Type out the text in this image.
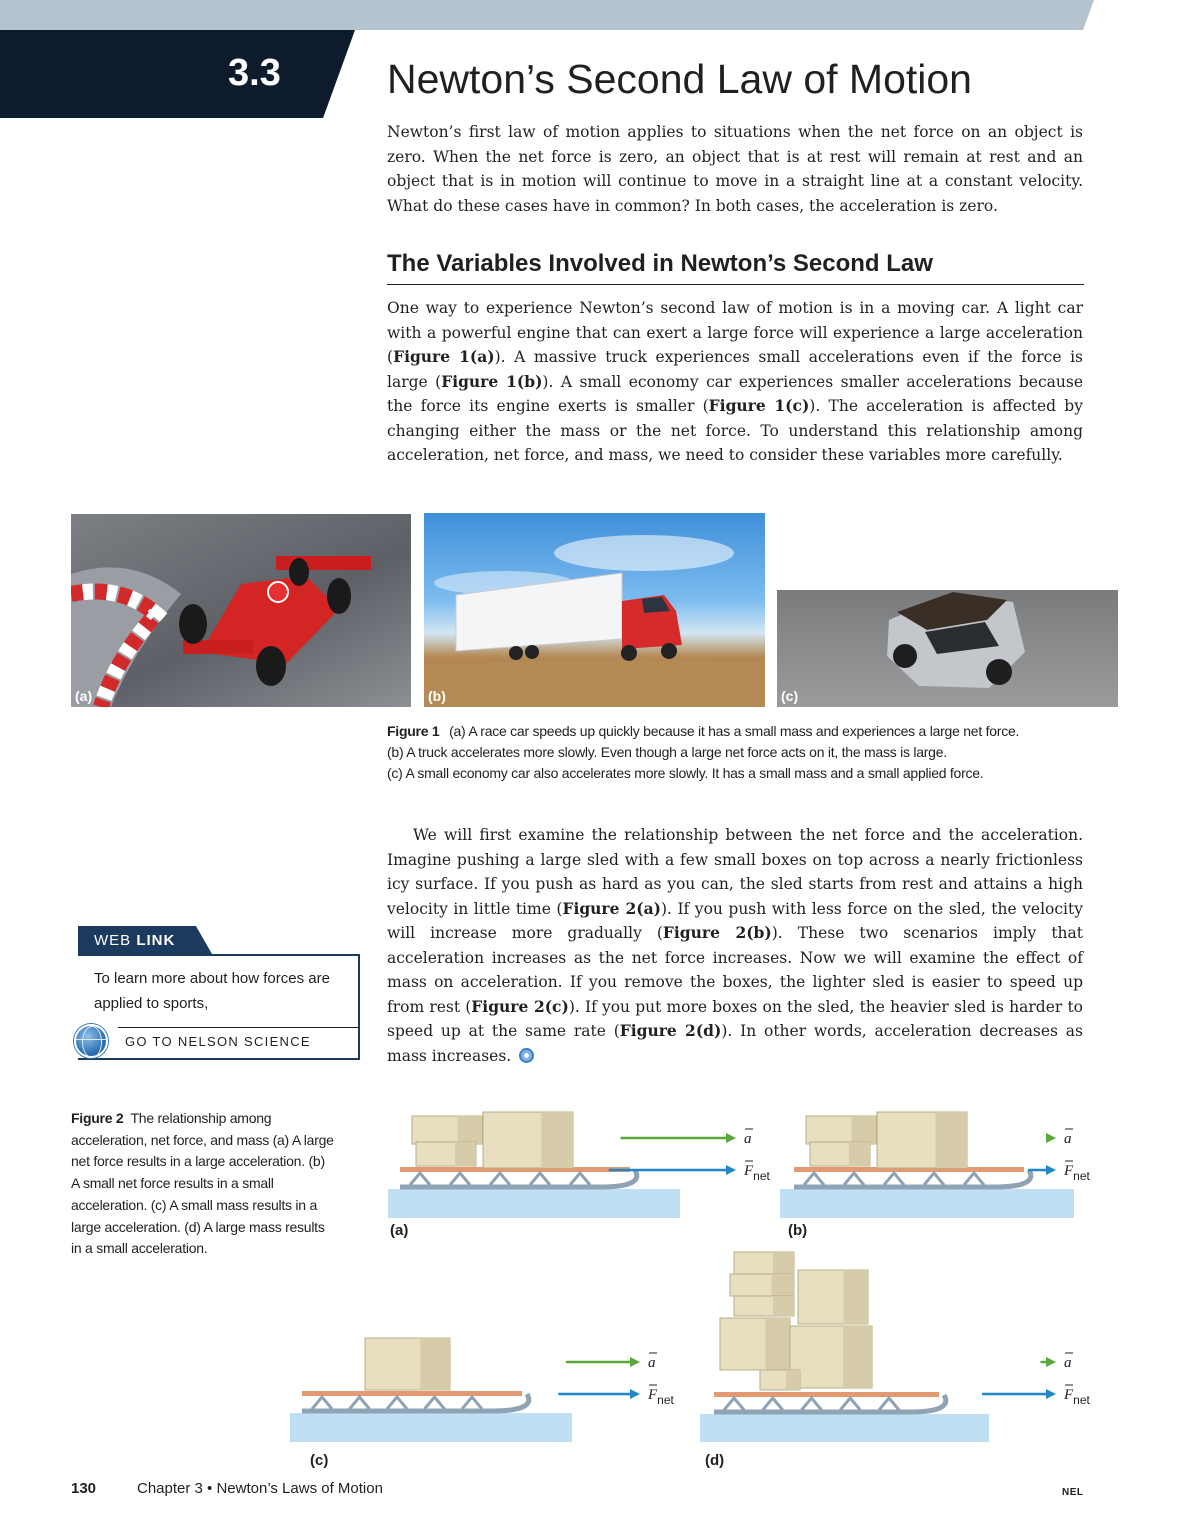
3.3	Newton’s Second Law of Motion

Newton’s first law of motion applies to situations when the net force on an object is zero. When the net force is zero, an object that is at rest will remain at rest and an object that is in motion will continue to move in a straight line at a constant velocity. What do these cases have in common? In both cases, the acceleration is zero.

The Variables Involved in Newton’s Second Law

One way to experience Newton’s second law of motion is in a moving car. A light car with a powerful engine that can exert a large force will experience a large acceleration (Figure 1(a)). A massive truck experiences small accelerations even if the force is large (Figure 1(b)). A small economy car experiences smaller accelerations because the force its engine exerts is smaller (Figure 1(c)). The acceleration is affected by changing either the mass or the net force. To understand this relationship among acceleration, net force, and mass, we need to consider these variables more carefully.

(a)	(b)	(c)
Figure 1 (a) A race car speeds up quickly because it has a small mass and experiences a large net force.
(b) A truck accelerates more slowly. Even though a large net force acts on it, the mass is large.
(c) A small economy car also accelerates more slowly. It has a small mass and a small applied force.

We will first examine the relationship between the net force and the acceleration. Imagine pushing a large sled with a few small boxes on top across a nearly frictionless icy surface. If you push as hard as you can, the sled starts from rest and attains a high velocity in little time (Figure 2(a)). If you push with less force on the sled, the velocity will increase more gradually (Figure 2(b)). These two scenarios imply that acceleration increases as the net force increases. Now we will examine the effect of mass on acceleration. If you remove the boxes, the lighter sled is easier to speed up from rest (Figure 2(c)). If you put more boxes on the sled, the heavier sled is harder to speed up at the same rate (Figure 2(d)). In other words, acceleration decreases as mass increases.

WEB LINK
To learn more about how forces are applied to sports,
GO TO NELSON SCIENCE
Figure 2 The relationship among acceleration, net force, and mass (a) A large net force results in a large acceleration. (b) A small net force results in a small acceleration. (c) A small mass results in a large acceleration. (d) A large mass results in a small acceleration.
a
$F_{net}$
(a)
a
$F_{net}$
(b)
a
$F_{net}$
(c)
a
$F_{net}$
(d)
130	Chapter 3 • Newton’s Laws of Motion	NEL
